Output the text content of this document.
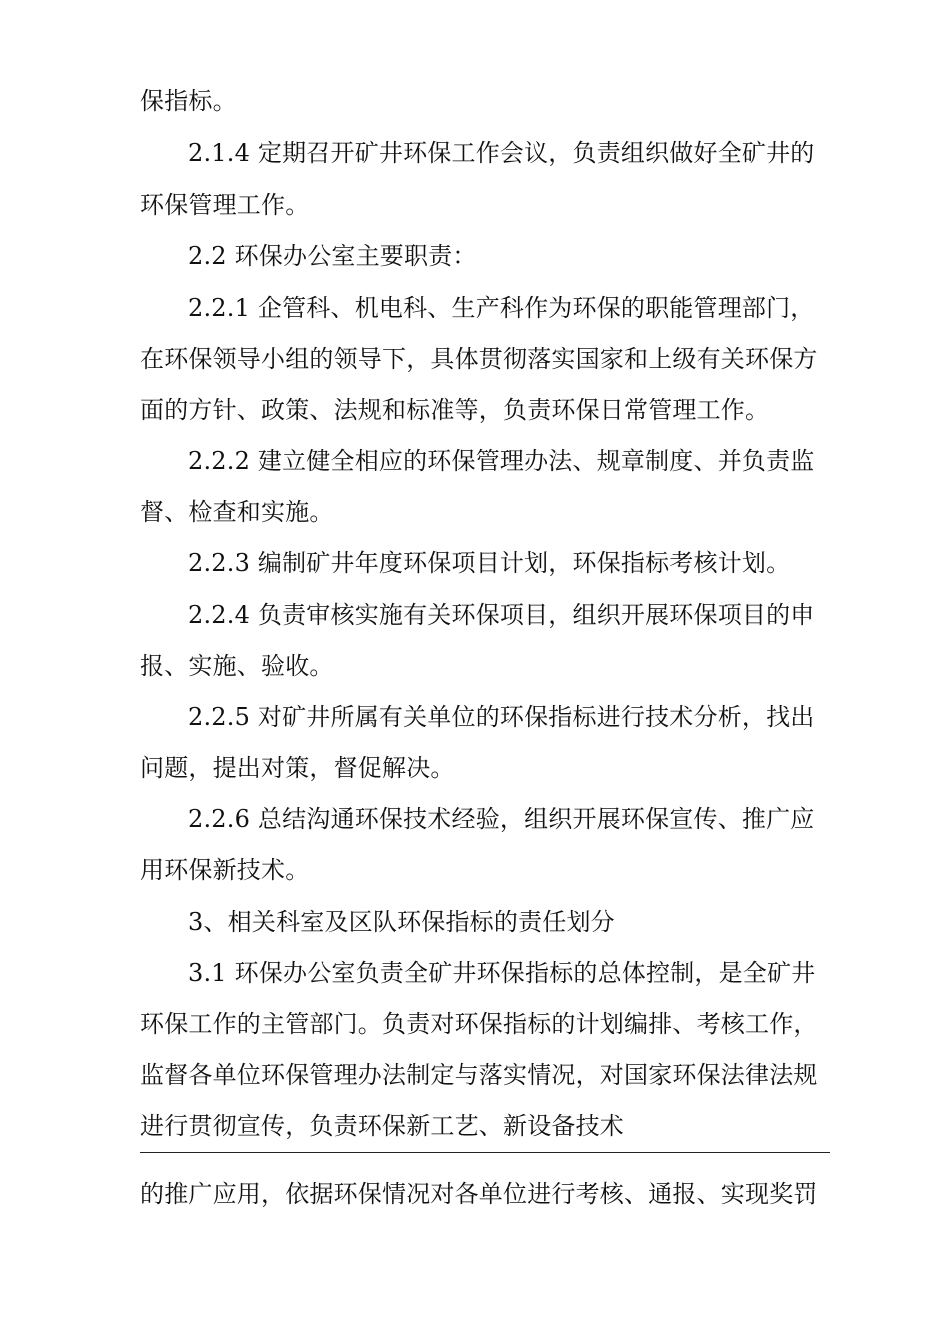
保指标。
2.1.4 定期召开矿井环保工作会议，负责组织做好全矿井的
环保管理工作。
2.2 环保办公室主要职责：
2.2.1 企管科、机电科、生产科作为环保的职能管理部门，
在环保领导小组的领导下，具体贯彻落实国家和上级有关环保方
面的方针、政策、法规和标准等，负责环保日常管理工作。
2.2.2 建立健全相应的环保管理办法、规章制度、并负责监
督、检查和实施。
2.2.3 编制矿井年度环保项目计划，环保指标考核计划。
2.2.4 负责审核实施有关环保项目，组织开展环保项目的申
报、实施、验收。
2.2.5 对矿井所属有关单位的环保指标进行技术分析，找出
问题，提出对策，督促解决。
2.2.6 总结沟通环保技术经验，组织开展环保宣传、推广应
用环保新技术。
3、相关科室及区队环保指标的责任划分
3.1 环保办公室负责全矿井环保指标的总体控制，是全矿井
环保工作的主管部门。负责对环保指标的计划编排、考核工作，
监督各单位环保管理办法制定与落实情况，对国家环保法律法规
进行贯彻宣传，负责环保新工艺、新设备技术
的推广应用，依据环保情况对各单位进行考核、通报、实现奖罚
